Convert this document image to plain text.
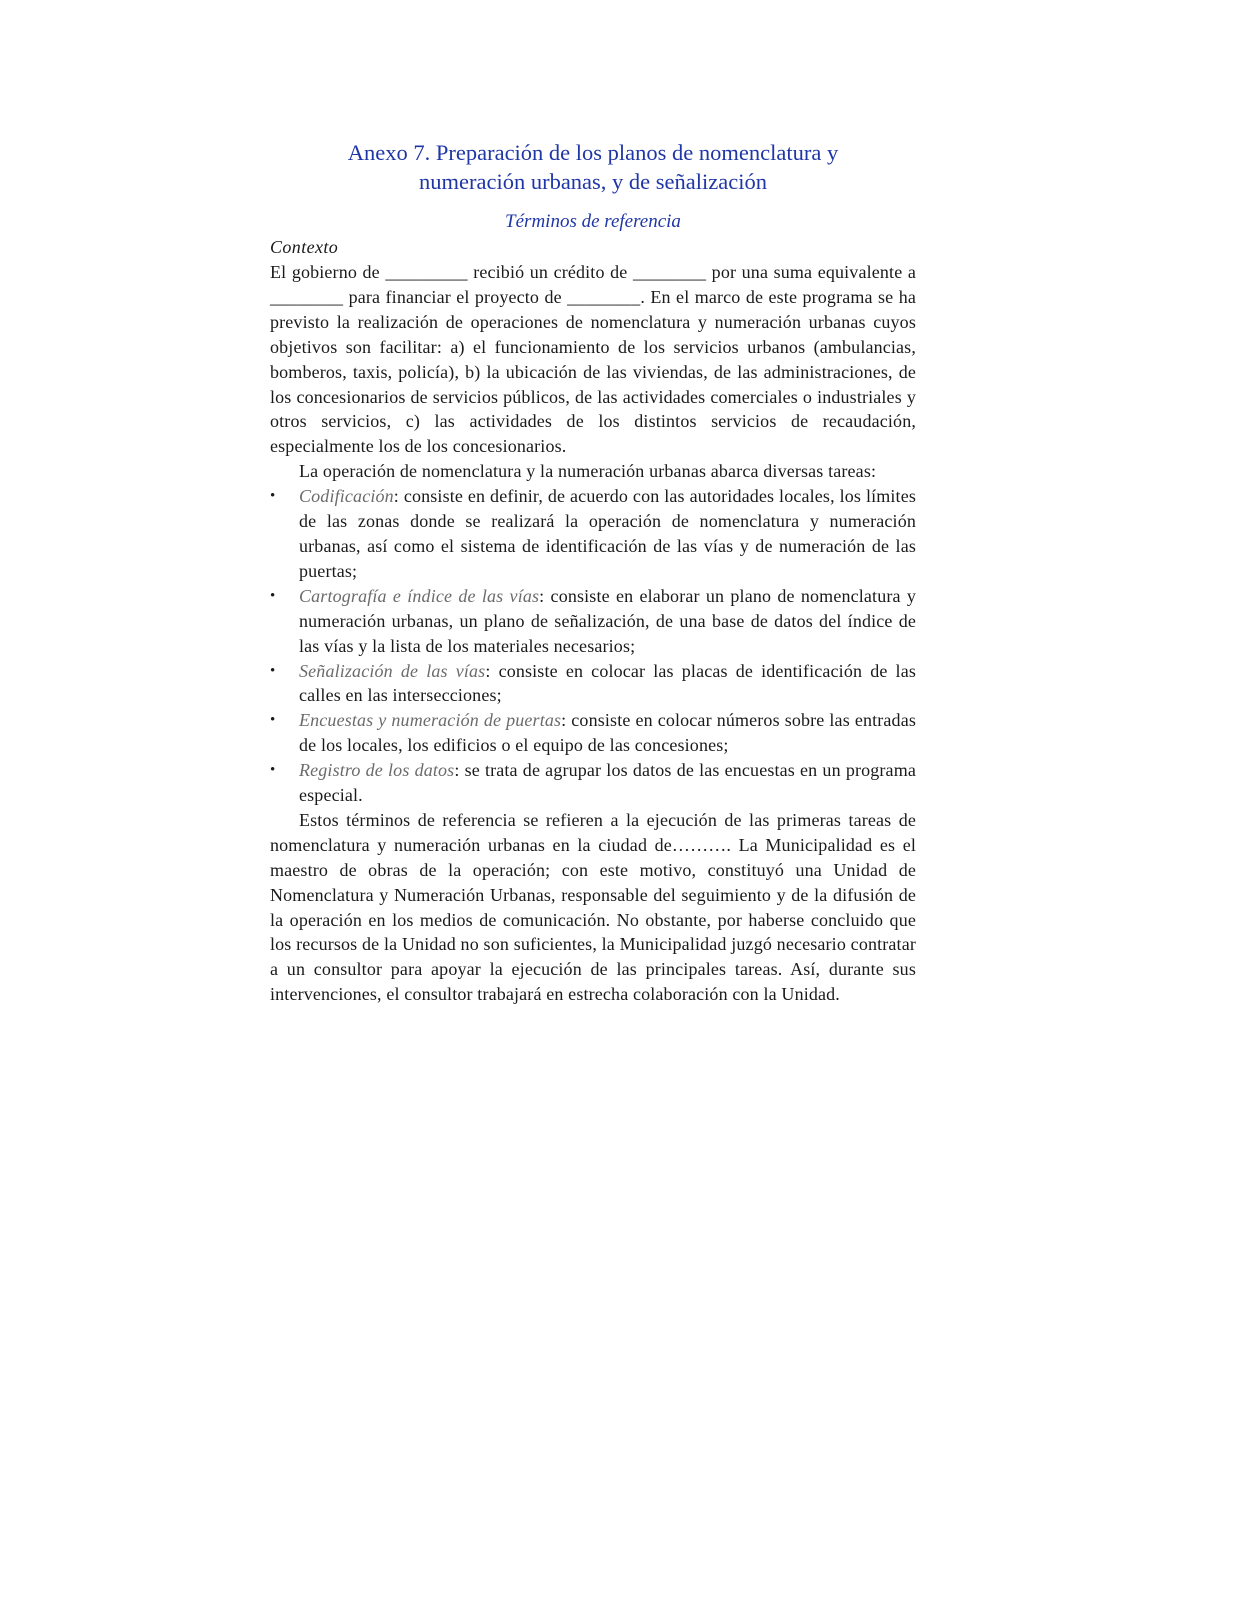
Anexo 7. Preparación de los planos de nomenclatura y
numeración urbanas, y de señalización
Términos de referencia
Contexto

El gobierno de _________ recibió un crédito de ________ por una suma equivalente a ________ para financiar el proyecto de ________. En el marco de este programa se ha previsto la realización de operaciones de nomenclatura y numeración urbanas cuyos objetivos son facilitar: a) el funcionamiento de los servicios urbanos (ambulancias, bomberos, taxis, policía), b) la ubicación de las viviendas, de las administraciones, de los concesionarios de servicios públicos, de las actividades comerciales o industriales y otros servicios, c) las actividades de los distintos servicios de recaudación, especialmente los de los concesionarios.

La operación de nomenclatura y la numeración urbanas abarca diversas tareas:

•	Codificación: consiste en definir, de acuerdo con las autoridades locales, los límites de las zonas donde se realizará la operación de nomenclatura y numeración urbanas, así como el sistema de identificación de las vías y de numeración de las puertas;
•	Cartografía e índice de las vías: consiste en elaborar un plano de nomenclatura y numeración urbanas, un plano de señalización, de una base de datos del índice de las vías y la lista de los materiales necesarios;
•	Señalización de las vías: consiste en colocar las placas de identificación de las calles en las intersecciones;
•	Encuestas y numeración de puertas: consiste en colocar números sobre las entradas de los locales, los edificios o el equipo de las concesiones;
•	Registro de los datos: se trata de agrupar los datos de las encuestas en un programa especial.

Estos términos de referencia se refieren a la ejecución de las primeras tareas de nomenclatura y numeración urbanas en la ciudad de………. La Municipalidad es el maestro de obras de la operación; con este motivo, constituyó una Unidad de Nomenclatura y Numeración Urbanas, responsable del seguimiento y de la difusión de la operación en los medios de comunicación. No obstante, por haberse concluido que los recursos de la Unidad no son suficientes, la Municipalidad juzgó necesario contratar a un consultor para apoyar la ejecución de las principales tareas. Así, durante sus intervenciones, el consultor trabajará en estrecha colaboración con la Unidad.
